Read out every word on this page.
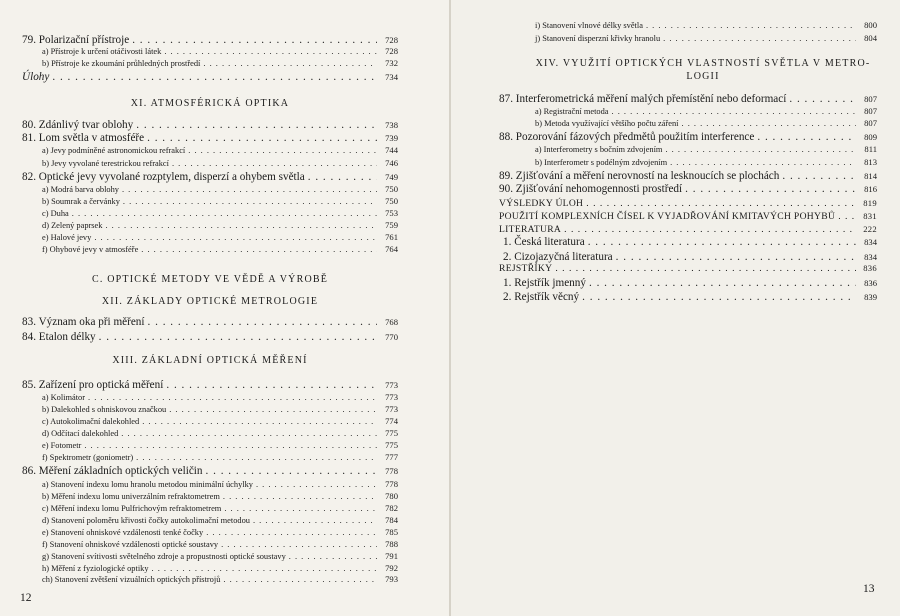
79. Polarizační přístroje . . .	728
a) Přístroje k určení otáčivosti látek . . .	728
b) Přístroje ke zkoumání průhledných prostředí . . .	732
Úlohy . . .	734
XI. ATMOSFÉRICKÁ OPTIKA
80. Zdánlivý tvar oblohy . . .	738
81. Lom světla v atmosféře . . .	739
a) Jevy podmíněné astronomickou refrakcí . . .	744
b) Jevy vyvolané terestrickou refrakcí . . .	746
82. Optické jevy vyvolané rozptylem, disperzí a ohybem světla . . .	749
a) Modrá barva oblohy . . .	750
b) Soumrak a červánky . . .	750
c) Duha . . .	753
d) Zelený paprsek . . .	759
e) Halové jevy . . .	761
f) Ohybové jevy v atmosféře . . .	764
C. OPTICKÉ METODY VE VĚDĚ A VÝROBĚ
XII. ZÁKLADY OPTICKÉ METROLOGIE
83. Význam oka při měření . . .	768
84. Etalon délky . . .	770
XIII. ZÁKLADNÍ OPTICKÁ MĚŘENÍ
85. Zařízení pro optická měření . . .	773
a) Kolimátor . . .	773
b) Dalekohled s ohniskovou značkou . . .	773
c) Autokolimační dalekohled . . .	774
d) Odčítací dalekohled . . .	775
e) Fotometr . . .	775
f) Spektrometr (goniometr) . . .	777
86. Měření základních optických veličin . . .	778
a) Stanovení indexu lomu hranolu metodou minimální úchylky . . .	778
b) Měření indexu lomu univerzálním refraktometrem . . .	780
c) Měření indexu lomu Pulfrichovým refraktometrem . . .	782
d) Stanovení poloměru křivosti čočky autokolimační metodou . . .	784
e) Stanovení ohniskové vzdálenosti tenké čočky . . .	785
f) Stanovení ohniskové vzdálenosti optické soustavy . . .	788
g) Stanovení svítivosti světelného zdroje a propustnosti optické soustavy . . .	791
h) Měření z fyziologické optiky . . .	792
ch) Stanovení zvětšení vizuálních optických přístrojů . . .	793
12
i) Stanovení vlnové délky světla . . .	800
j) Stanovení disperzní křivky hranolu . . .	804
XIV. VYUŽITÍ OPTICKÝCH VLASTNOSTÍ SVĚTLA V METRO-
LOGII
87. Interferometrická měření malých přemístění nebo deformací . . .	807
a) Registrační metoda . . .	807
b) Metoda využívající většího počtu záření . . .	807
88. Pozorování fázových předmětů použitím interference . . .	809
a) Interferometry s bočním zdvojením . . .	811
b) Interferometr s podélným zdvojením . . .	813
89. Zjišťování a měření nerovností na lesknoucích se plochách . . .	814
90. Zjišťování nehomogennosti prostředí . . .	816
VÝSLEDKY ÚLOH . . .	819
POUŽITÍ KOMPLEXNÍCH ČÍSEL K VYJADŘOVÁNÍ KMITAVÝCH POHYBŮ . . .	831
LITERATURA . . .	222
1. Česká literatura . . .	834
2. Cizojazyčná literatura . . .	834
REJSTŘÍKY . . .	836
1. Rejstřík jmenný . . .	836
2. Rejstřík věcný . . .	839
13
